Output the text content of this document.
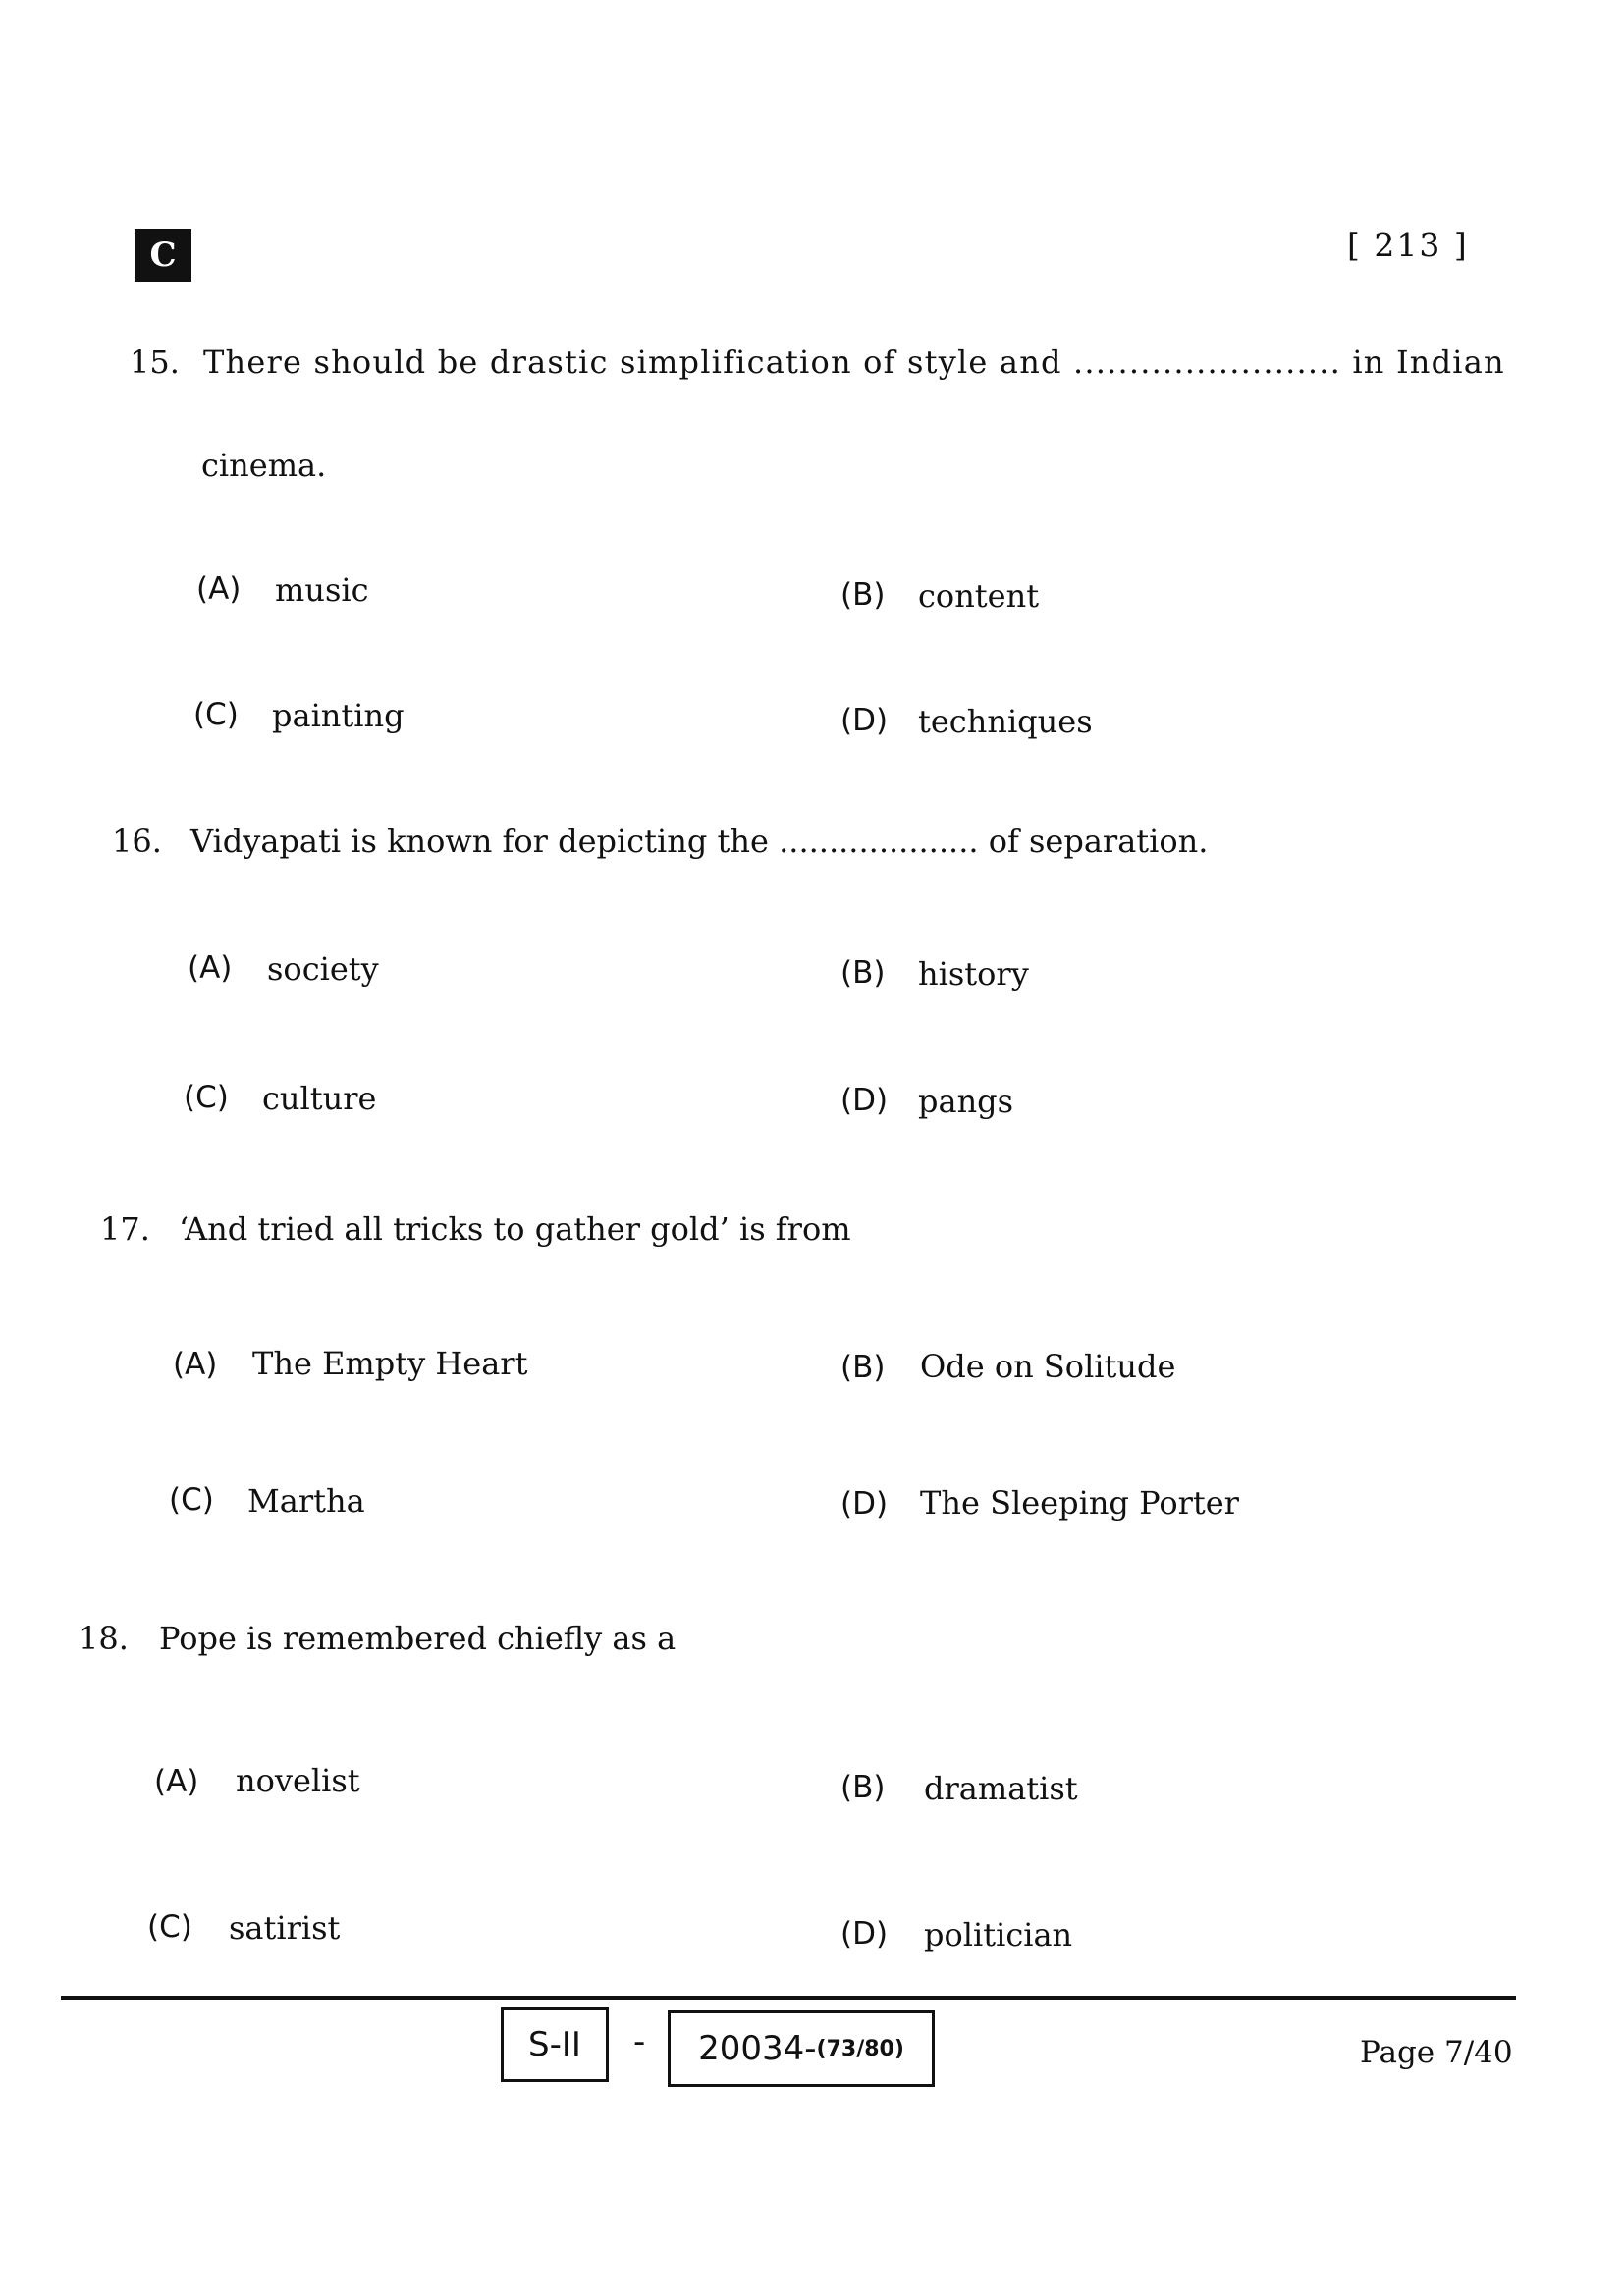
C	[ 213 ]
15. There should be drastic simplification of style and ........................ in Indian
cinema.
(A) music	(B) content
(C) painting	(D) techniques
16. Vidyapati is known for depicting the .................... of separation.
(A) society	(B) history
(C) culture	(D) pangs
17. ‘And tried all tricks to gather gold’ is from
(A) The Empty Heart	(B) Ode on Solitude
(C) Martha	(D) The Sleeping Porter
18. Pope is remembered chiefly as a
(A) novelist	(B) dramatist
(C) satirist	(D) politician
S-II - 20034- (73/80)	Page 7/40
